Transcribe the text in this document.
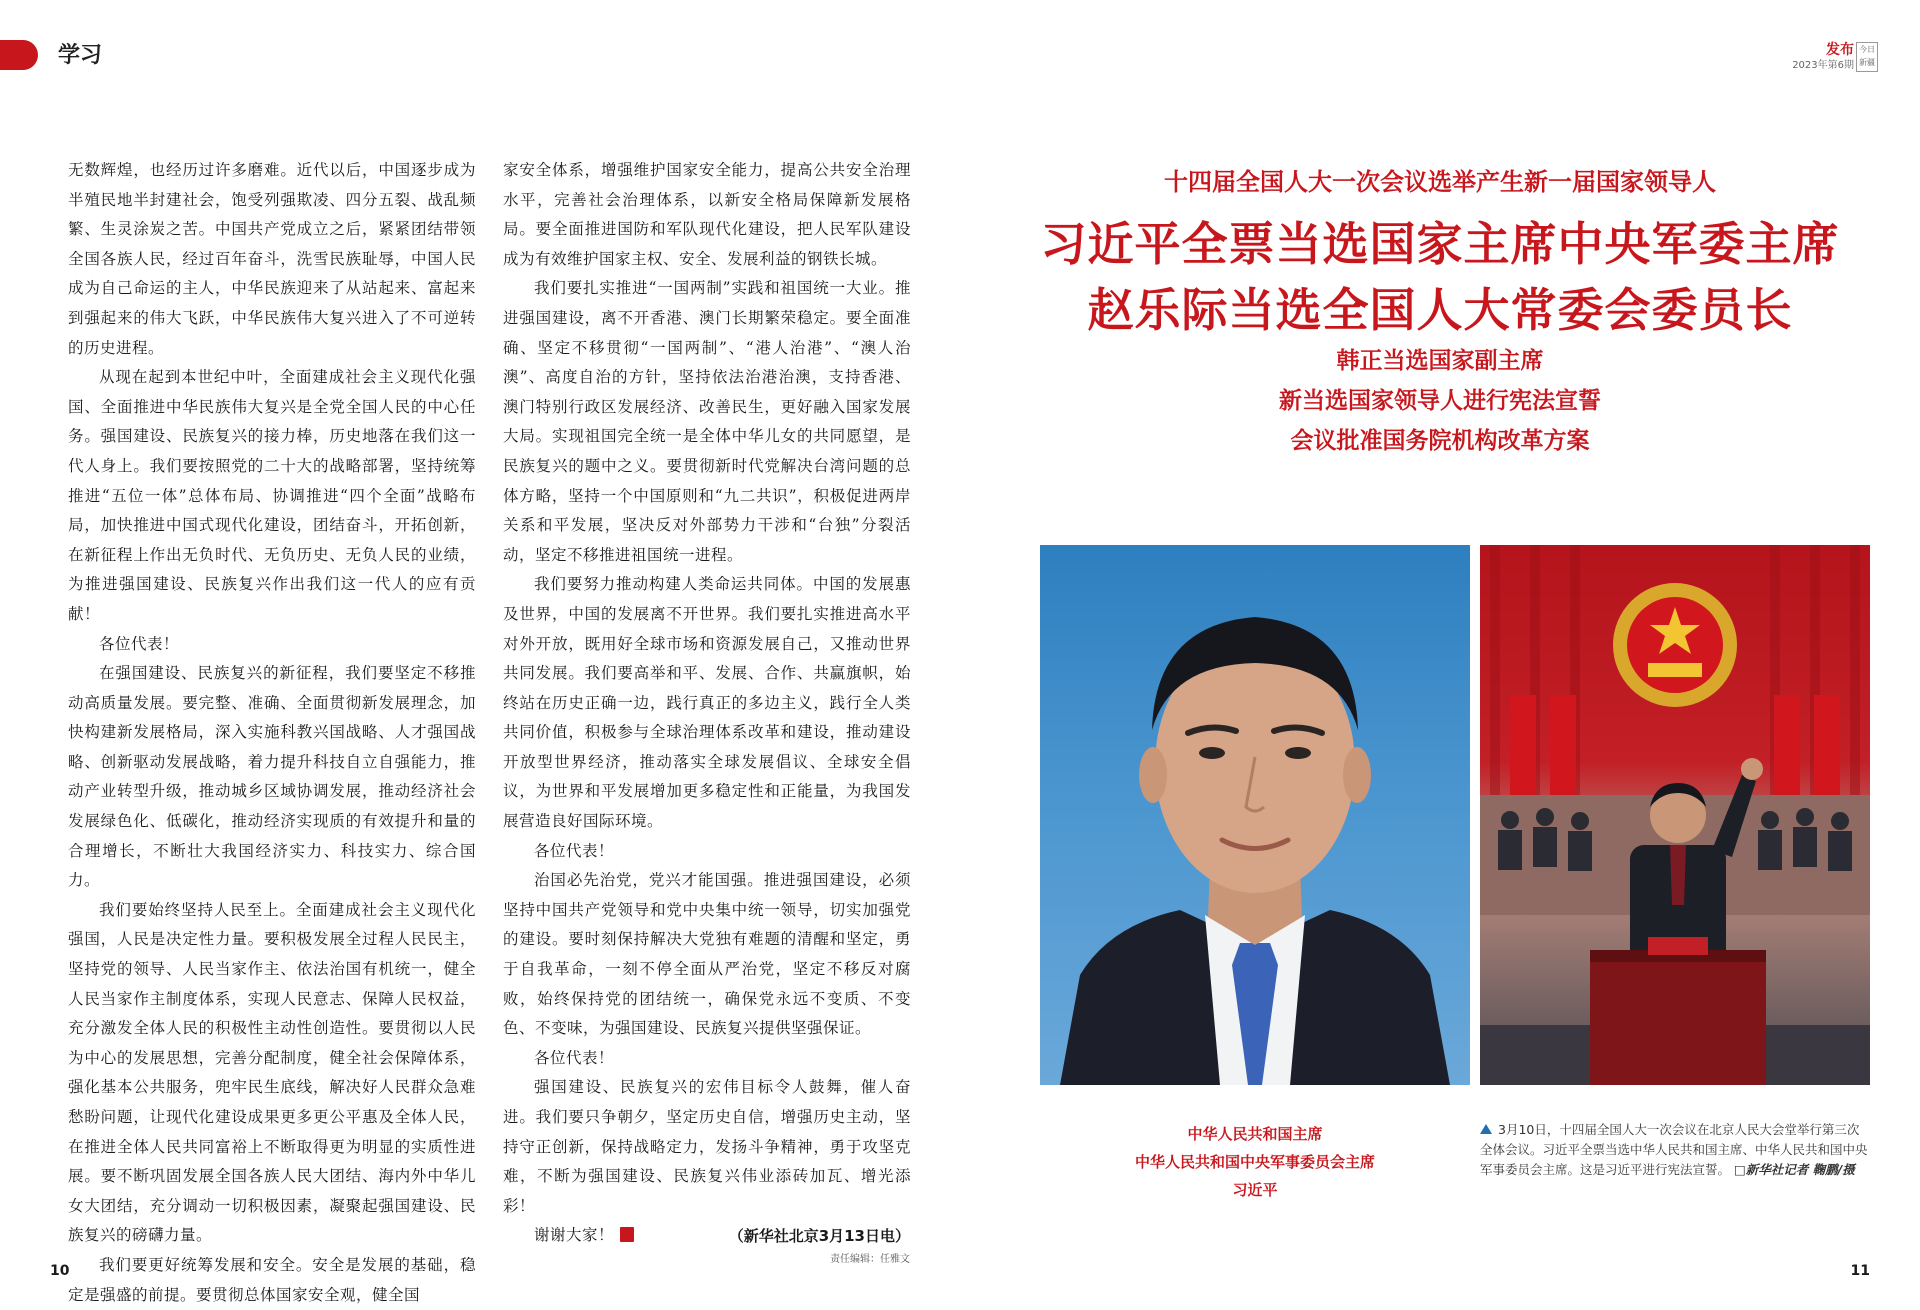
学习

无数辉煌，也经历过许多磨难。近代以后，中国逐步成为半殖民地半封建社会，饱受列强欺凌、四分五裂、战乱频繁、生灵涂炭之苦。中国共产党成立之后，紧紧团结带领全国各族人民，经过百年奋斗，洗雪民族耻辱，中国人民成为自己命运的主人，中华民族迎来了从站起来、富起来到强起来的伟大飞跃，中华民族伟大复兴进入了不可逆转的历史进程。

从现在起到本世纪中叶，全面建成社会主义现代化强国、全面推进中华民族伟大复兴是全党全国人民的中心任务。强国建设、民族复兴的接力棒，历史地落在我们这一代人身上。我们要按照党的二十大的战略部署，坚持统筹推进“五位一体”总体布局、协调推进“四个全面”战略布局，加快推进中国式现代化建设，团结奋斗，开拓创新，在新征程上作出无负时代、无负历史、无负人民的业绩，为推进强国建设、民族复兴作出我们这一代人的应有贡献！

各位代表！

在强国建设、民族复兴的新征程，我们要坚定不移推动高质量发展。要完整、准确、全面贯彻新发展理念，加快构建新发展格局，深入实施科教兴国战略、人才强国战略、创新驱动发展战略，着力提升科技自立自强能力，推动产业转型升级，推动城乡区域协调发展，推动经济社会发展绿色化、低碳化，推动经济实现质的有效提升和量的合理增长，不断壮大我国经济实力、科技实力、综合国力。

我们要始终坚持人民至上。全面建成社会主义现代化强国，人民是决定性力量。要积极发展全过程人民民主，坚持党的领导、人民当家作主、依法治国有机统一，健全人民当家作主制度体系，实现人民意志、保障人民权益，充分激发全体人民的积极性主动性创造性。要贯彻以人民为中心的发展思想，完善分配制度，健全社会保障体系，强化基本公共服务，兜牢民生底线，解决好人民群众急难愁盼问题，让现代化建设成果更多更公平惠及全体人民，在推进全体人民共同富裕上不断取得更为明显的实质性进展。要不断巩固发展全国各族人民大团结、海内外中华儿女大团结，充分调动一切积极因素，凝聚起强国建设、民族复兴的磅礴力量。

我们要更好统筹发展和安全。安全是发展的基础，稳定是强盛的前提。要贯彻总体国家安全观，健全国

家安全体系，增强维护国家安全能力，提高公共安全治理水平，完善社会治理体系，以新安全格局保障新发展格局。要全面推进国防和军队现代化建设，把人民军队建设成为有效维护国家主权、安全、发展利益的钢铁长城。

我们要扎实推进“一国两制”实践和祖国统一大业。推进强国建设，离不开香港、澳门长期繁荣稳定。要全面准确、坚定不移贯彻“一国两制”、“港人治港”、“澳人治澳”、高度自治的方针，坚持依法治港治澳，支持香港、澳门特别行政区发展经济、改善民生，更好融入国家发展大局。实现祖国完全统一是全体中华儿女的共同愿望，是民族复兴的题中之义。要贯彻新时代党解决台湾问题的总体方略，坚持一个中国原则和“九二共识”，积极促进两岸关系和平发展，坚决反对外部势力干涉和“台独”分裂活动，坚定不移推进祖国统一进程。

我们要努力推动构建人类命运共同体。中国的发展惠及世界，中国的发展离不开世界。我们要扎实推进高水平对外开放，既用好全球市场和资源发展自己，又推动世界共同发展。我们要高举和平、发展、合作、共赢旗帜，始终站在历史正确一边，践行真正的多边主义，践行全人类共同价值，积极参与全球治理体系改革和建设，推动建设开放型世界经济，推动落实全球发展倡议、全球安全倡议，为世界和平发展增加更多稳定性和正能量，为我国发展营造良好国际环境。

各位代表！

治国必先治党，党兴才能国强。推进强国建设，必须坚持中国共产党领导和党中央集中统一领导，切实加强党的建设。要时刻保持解决大党独有难题的清醒和坚定，勇于自我革命，一刻不停全面从严治党，坚定不移反对腐败，始终保持党的团结统一，确保党永远不变质、不变色、不变味，为强国建设、民族复兴提供坚强保证。

各位代表！

强国建设、民族复兴的宏伟目标令人鼓舞，催人奋进。我们要只争朝夕，坚定历史自信，增强历史主动，坚持守正创新，保持战略定力，发扬斗争精神，勇于攻坚克难，不断为强国建设、民族复兴伟业添砖加瓦、增光添彩！

谢谢大家！	（新华社北京3月13日电）
责任编辑：任雅文
10
发布
2023年第6期
今日新疆
十四届全国人大一次会议选举产生新一届国家领导人
习近平全票当选国家主席中央军委主席
赵乐际当选全国人大常委会委员长
韩正当选国家副主席
新当选国家领导人进行宪法宣誓
会议批准国务院机构改革方案
中华人民共和国主席
中华人民共和国中央军事委员会主席
习近平
3月10日，十四届全国人大一次会议在北京人民大会堂举行第三次全体会议。习近平全票当选中华人民共和国主席、中华人民共和国中央军事委员会主席。这是习近平进行宪法宣誓。 □新华社记者 鞠鹏/摄
11
